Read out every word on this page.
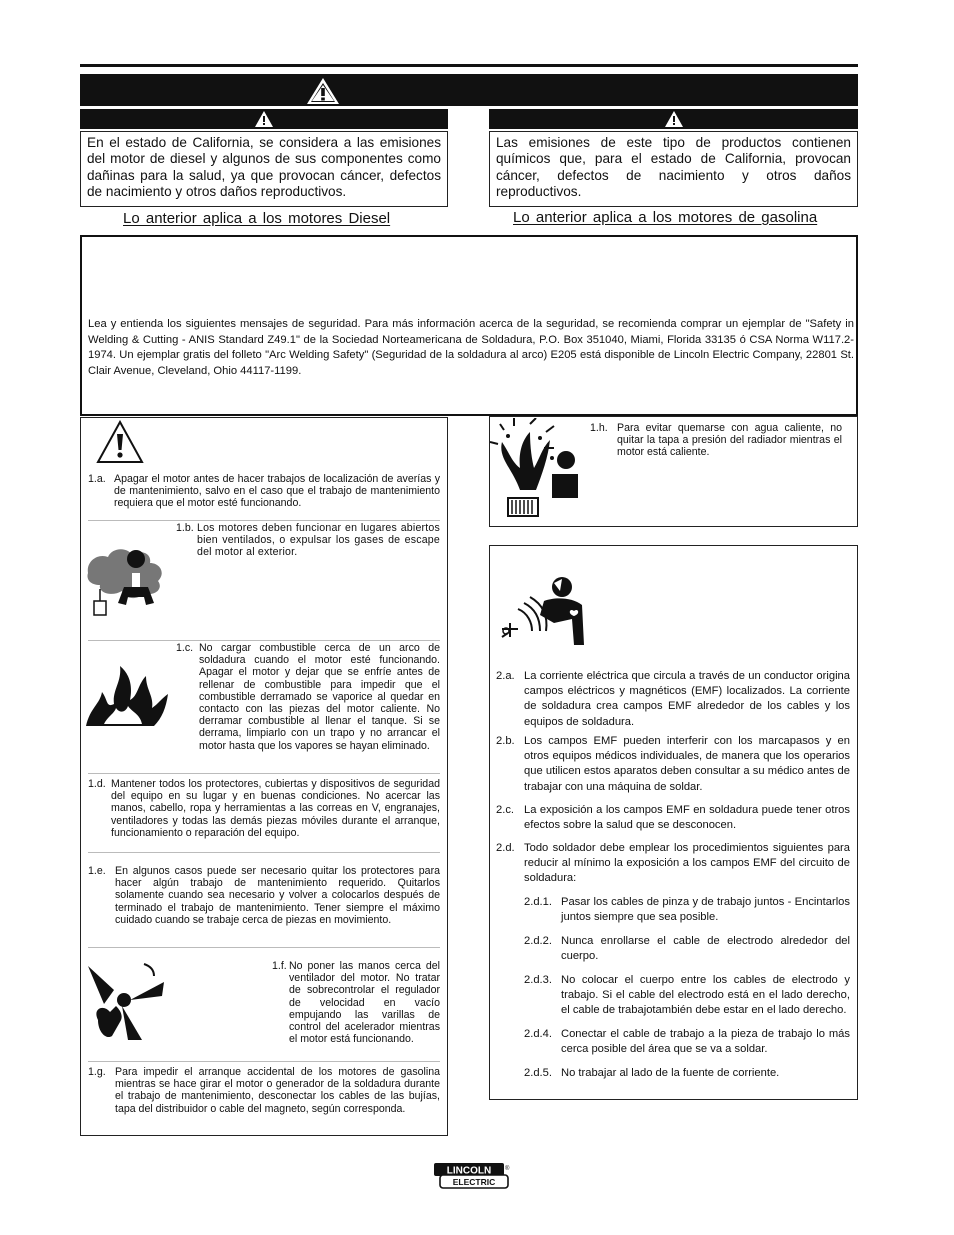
En el estado de California, se considera a las emisiones del motor de diesel y algunos de sus componentes como dañinas para la salud, ya que provocan cáncer, defectos de nacimiento y otros daños reproductivos.
Las emisiones de este tipo de productos contienen químicos que, para el estado de California, provocan cáncer, defectos de nacimiento y otros daños reproductivos.
Lo anterior aplica a los motores Diesel	Lo anterior aplica a los motores de gasolina
Lea y entienda los siguientes mensajes de seguridad. Para más información acerca de la seguridad, se recomienda comprar un ejemplar de "Safety in Welding & Cutting - ANIS Standard Z49.1" de la Sociedad Norteamericana de Soldadura, P.O. Box 351040, Miami, Florida 33135 ó CSA Norma W117.2-1974. Un ejemplar gratis del folleto "Arc Welding Safety" (Seguridad de la soldadura al arco) E205 está disponible de Lincoln Electric Company, 22801 St. Clair Avenue, Cleveland, Ohio 44117-1199.
1.a. Apagar el motor antes de hacer trabajos de localización de averías y de mantenimiento, salvo en el caso que el trabajo de mantenimiento requiera que el motor esté funcionando.
1.b. Los motores deben funcionar en lugares abiertos bien ventilados, o expulsar los gases de escape del motor al exterior.
1.c. No cargar combustible cerca de un arco de soldadura cuando el motor esté funcionando. Apagar el motor y dejar que se enfríe antes de rellenar de combustible para impedir que el combustible derramado se vaporice al quedar en contacto con las piezas del motor caliente. No derramar combustible al llenar el tanque. Si se derrama, limpiarlo con un trapo y no arrancar el motor hasta que los vapores se hayan eliminado.
1.d. Mantener todos los protectores, cubiertas y dispositivos de seguridad del equipo en su lugar y en buenas condiciones. No acercar las manos, cabello, ropa y herramientas a las correas en V, engranajes, ventiladores y todas las demás piezas móviles durante el arranque, funcionamiento o reparación del equipo.
1.e. En algunos casos puede ser necesario quitar los protectores para hacer algún trabajo de mantenimiento requerido. Quitarlos solamente cuando sea necesario y volver a colocarlos después de terminado el trabajo de mantenimiento. Tener siempre el máximo cuidado cuando se trabaje cerca de piezas en movimiento.
1.f. No poner las manos cerca del ventilador del motor. No tratar de sobrecontrolar el regulador de velocidad en vacío empujando las varillas de control del acelerador mientras el motor está funcionando.
1.g. Para impedir el arranque accidental de los motores de gasolina mientras se hace girar el motor o generador de la soldadura durante el trabajo de mantenimiento, desconectar los cables de las bujías, tapa del distribuidor o cable del magneto, según corresponda.
1.h. Para evitar quemarse con agua caliente, no quitar la tapa a presión del radiador mientras el motor está caliente.
2.a. La corriente eléctrica que circula a través de un conductor origina campos eléctricos y magnéticos (EMF) localizados. La corriente de soldadura crea campos EMF alrededor de los cables y los equipos de soldadura.
2.b. Los campos EMF pueden interferir con los marcapasos y en otros equipos médicos individuales, de manera que los operarios que utilicen estos aparatos deben consultar a su médico antes de trabajar con una máquina de soldar.
2.c. La exposición a los campos EMF en soldadura puede tener otros efectos sobre la salud que se desconocen.
2.d. Todo soldador debe emplear los procedimientos siguientes para reducir al mínimo la exposición a los campos EMF del circuito de soldadura:
2.d.1. Pasar los cables de pinza y de trabajo juntos - Encintarlos juntos siempre que sea posible.
2.d.2. Nunca enrollarse el cable de electrodo alrededor del cuerpo.
2.d.3. No colocar el cuerpo entre los cables de electrodo y trabajo. Si el cable del electrodo está en el lado derecho, el cable de trabajotambién debe estar en el lado derecho.
2.d.4. Conectar el cable de trabajo a la pieza de trabajo lo más cerca posible del área que se va a soldar.
2.d.5. No trabajar al lado de la fuente de corriente.
LINCOLN
ELECTRIC
®
